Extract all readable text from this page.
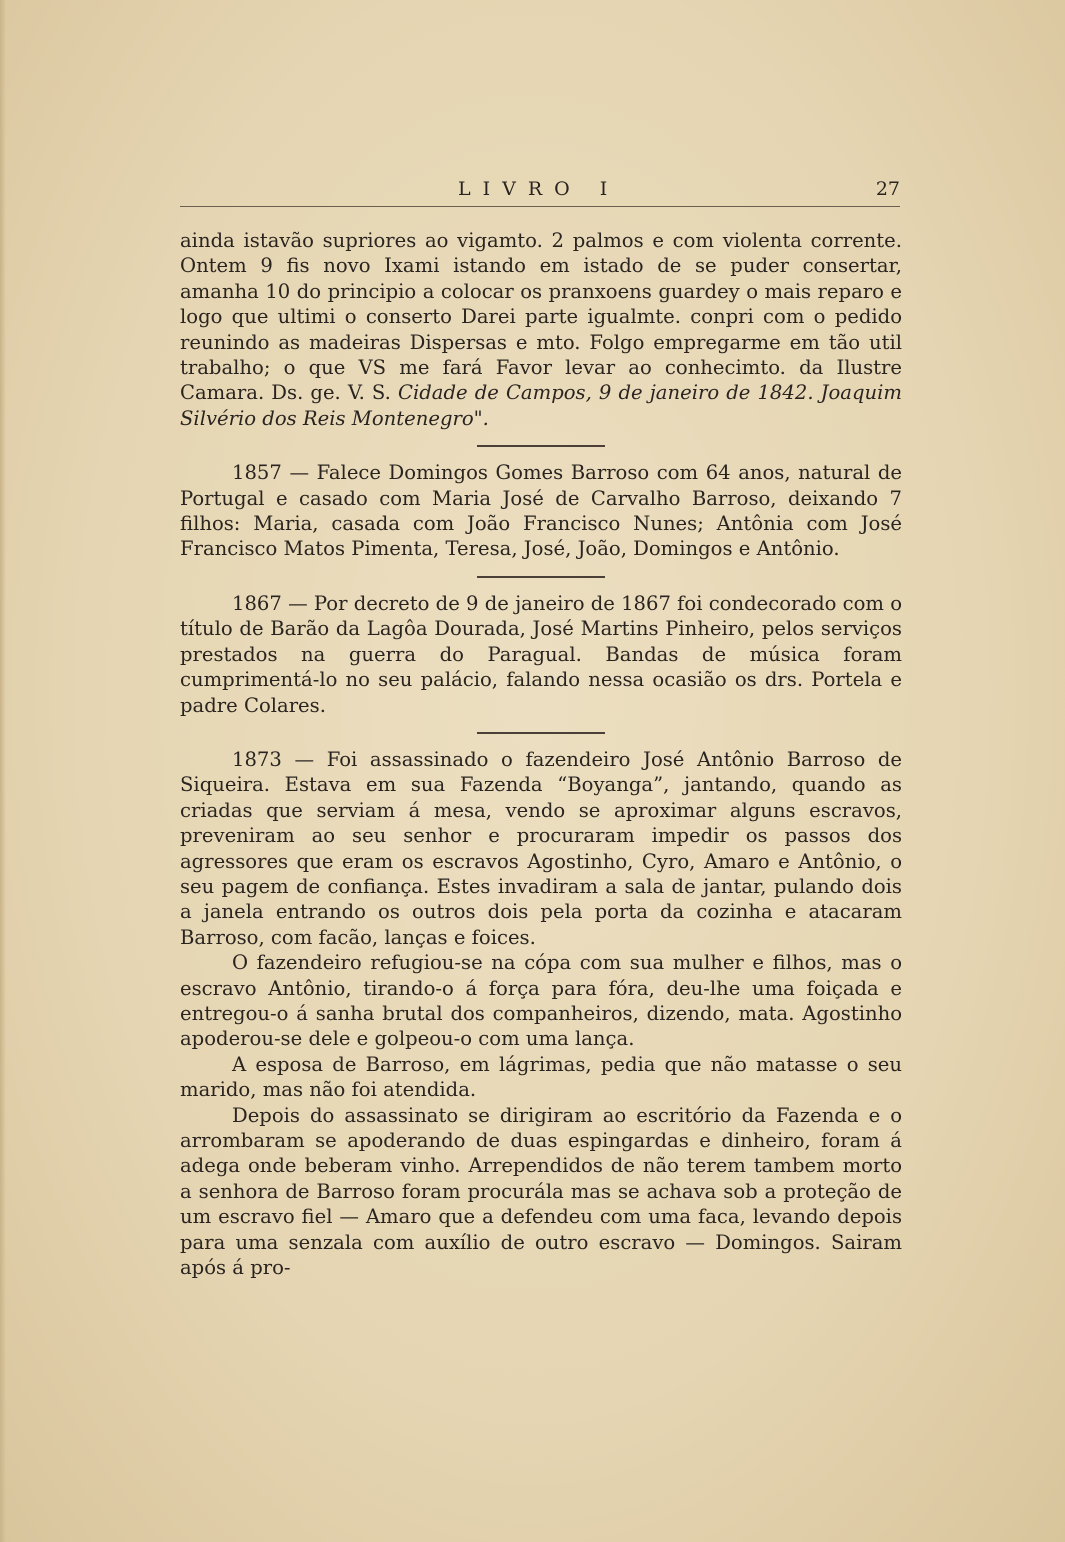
LIVRO I	27

ainda istavão supriores ao vigamto. 2 palmos e com violenta corrente. Ontem 9 fis novo Ixami istando em istado de se puder consertar, amanha 10 do principio a colocar os pranxoens guardey o mais reparo e logo que ultimi o conserto Darei parte igualmte. conpri com o pedido reunindo as madeiras Dispersas e mto. Folgo empregarme em tão util trabalho; o que VS me fará Favor levar ao conhecimto. da Ilustre Camara. Ds. ge. V. S. Cidade de Campos, 9 de janeiro de 1842. Joaquim Silvério dos Reis Montenegro".

1857 — Falece Domingos Gomes Barroso com 64 anos, natural de Portugal e casado com Maria José de Carvalho Barroso, deixando 7 filhos: Maria, casada com João Francisco Nunes; Antônia com José Francisco Matos Pimenta, Teresa, José, João, Domingos e Antônio.

1867 — Por decreto de 9 de janeiro de 1867 foi condecorado com o título de Barão da Lagôa Dourada, José Martins Pinheiro, pelos serviços prestados na guerra do Paragual. Bandas de música foram cumprimentá-lo no seu palácio, falando nessa ocasião os drs. Portela e padre Colares.

1873 — Foi assassinado o fazendeiro José Antônio Barroso de Siqueira. Estava em sua Fazenda “Boyanga”, jantando, quando as criadas que serviam á mesa, vendo se aproximar alguns escravos, preveniram ao seu senhor e procuraram impedir os passos dos agressores que eram os escravos Agostinho, Cyro, Amaro e Antônio, o seu pagem de confiança. Estes invadiram a sala de jantar, pulando dois a janela entrando os outros dois pela porta da cozinha e atacaram Barroso, com facão, lanças e foices.

O fazendeiro refugiou-se na cópa com sua mulher e filhos, mas o escravo Antônio, tirando-o á força para fóra, deu-lhe uma foiçada e entregou-o á sanha brutal dos companheiros, dizendo, mata. Agostinho apoderou-se dele e golpeou-o com uma lança.

A esposa de Barroso, em lágrimas, pedia que não matasse o seu marido, mas não foi atendida.

Depois do assassinato se dirigiram ao escritório da Fazenda e o arrombaram se apoderando de duas espingardas e dinheiro, foram á adega onde beberam vinho. Arrependidos de não terem tambem morto a senhora de Barroso foram procurála mas se achava sob a proteção de um escravo fiel — Amaro que a defendeu com uma faca, levando depois para uma senzala com auxílio de outro escravo — Domingos. Sairam após á pro-
